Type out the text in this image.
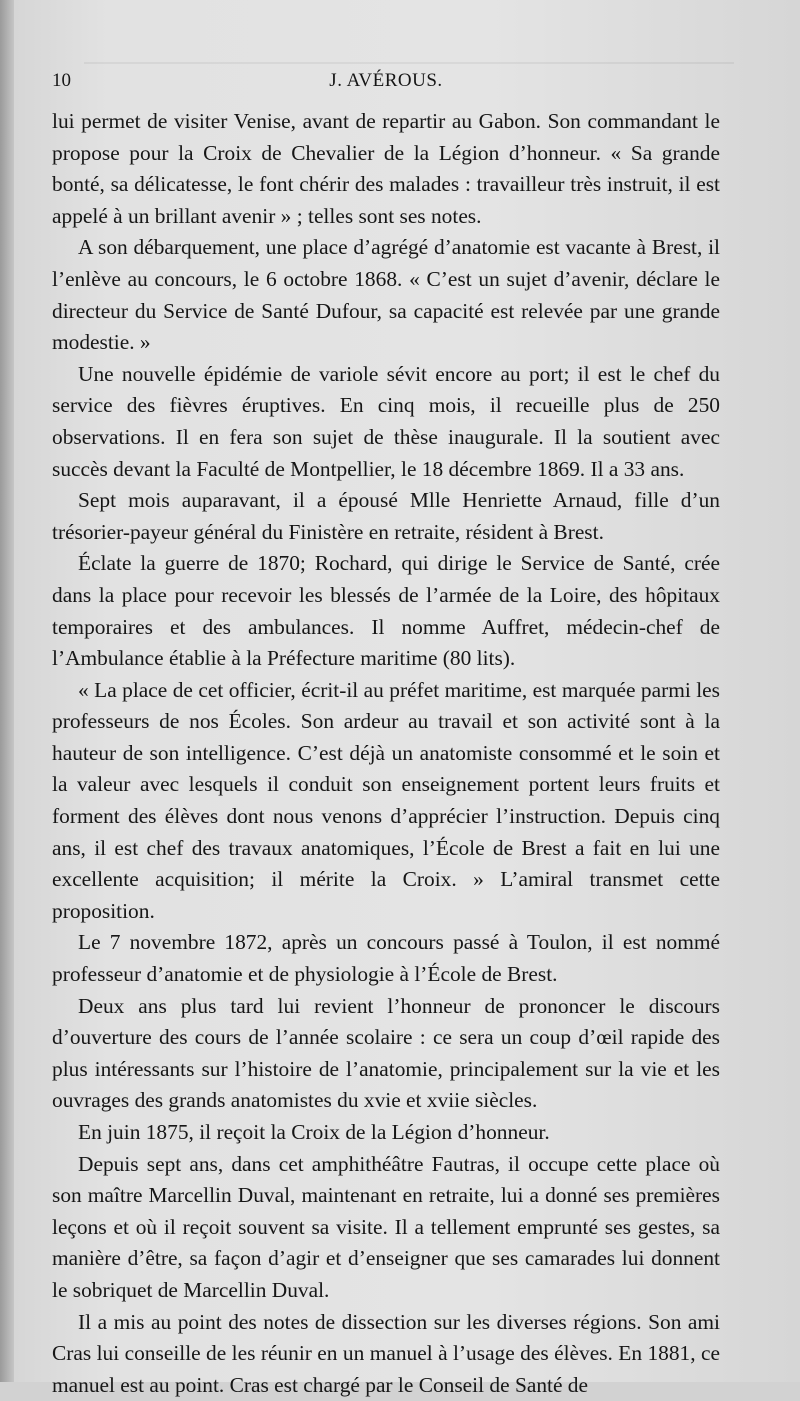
10	J. AVÉROUS.

lui permet de visiter Venise, avant de repartir au Gabon. Son commandant le propose pour la Croix de Chevalier de la Légion d’honneur. « Sa grande bonté, sa délicatesse, le font chérir des malades : travailleur très instruit, il est appelé à un brillant avenir » ; telles sont ses notes.

A son débarquement, une place d’agrégé d’anatomie est vacante à Brest, il l’enlève au concours, le 6 octobre 1868. « C’est un sujet d’avenir, déclare le directeur du Service de Santé Dufour, sa capacité est relevée par une grande modestie. »

Une nouvelle épidémie de variole sévit encore au port; il est le chef du service des fièvres éruptives. En cinq mois, il recueille plus de 250 observations. Il en fera son sujet de thèse inaugurale. Il la soutient avec succès devant la Faculté de Montpellier, le 18 décembre 1869. Il a 33 ans.

Sept mois auparavant, il a épousé Mlle Henriette Arnaud, fille d’un trésorier-payeur général du Finistère en retraite, résident à Brest.

Éclate la guerre de 1870; Rochard, qui dirige le Service de Santé, crée dans la place pour recevoir les blessés de l’armée de la Loire, des hôpitaux temporaires et des ambulances. Il nomme Auffret, médecin-chef de l’Ambulance établie à la Préfecture maritime (80 lits).

« La place de cet officier, écrit-il au préfet maritime, est marquée parmi les professeurs de nos Écoles. Son ardeur au travail et son activité sont à la hauteur de son intelligence. C’est déjà un anatomiste consommé et le soin et la valeur avec lesquels il conduit son enseignement portent leurs fruits et forment des élèves dont nous venons d’apprécier l’instruction. Depuis cinq ans, il est chef des travaux anatomiques, l’École de Brest a fait en lui une excellente acquisition; il mérite la Croix. » L’amiral transmet cette proposition.

Le 7 novembre 1872, après un concours passé à Toulon, il est nommé professeur d’anatomie et de physiologie à l’École de Brest.

Deux ans plus tard lui revient l’honneur de prononcer le discours d’ouverture des cours de l’année scolaire : ce sera un coup d’œil rapide des plus intéressants sur l’histoire de l’anatomie, principalement sur la vie et les ouvrages des grands anatomistes du xvie et xviie siècles.

En juin 1875, il reçoit la Croix de la Légion d’honneur.

Depuis sept ans, dans cet amphithéâtre Fautras, il occupe cette place où son maître Marcellin Duval, maintenant en retraite, lui a donné ses premières leçons et où il reçoit souvent sa visite. Il a tellement emprunté ses gestes, sa manière d’être, sa façon d’agir et d’enseigner que ses camarades lui donnent le sobriquet de Marcellin Duval.

Il a mis au point des notes de dissection sur les diverses régions. Son ami Cras lui conseille de les réunir en un manuel à l’usage des élèves. En 1881, ce manuel est au point. Cras est chargé par le Conseil de Santé de
